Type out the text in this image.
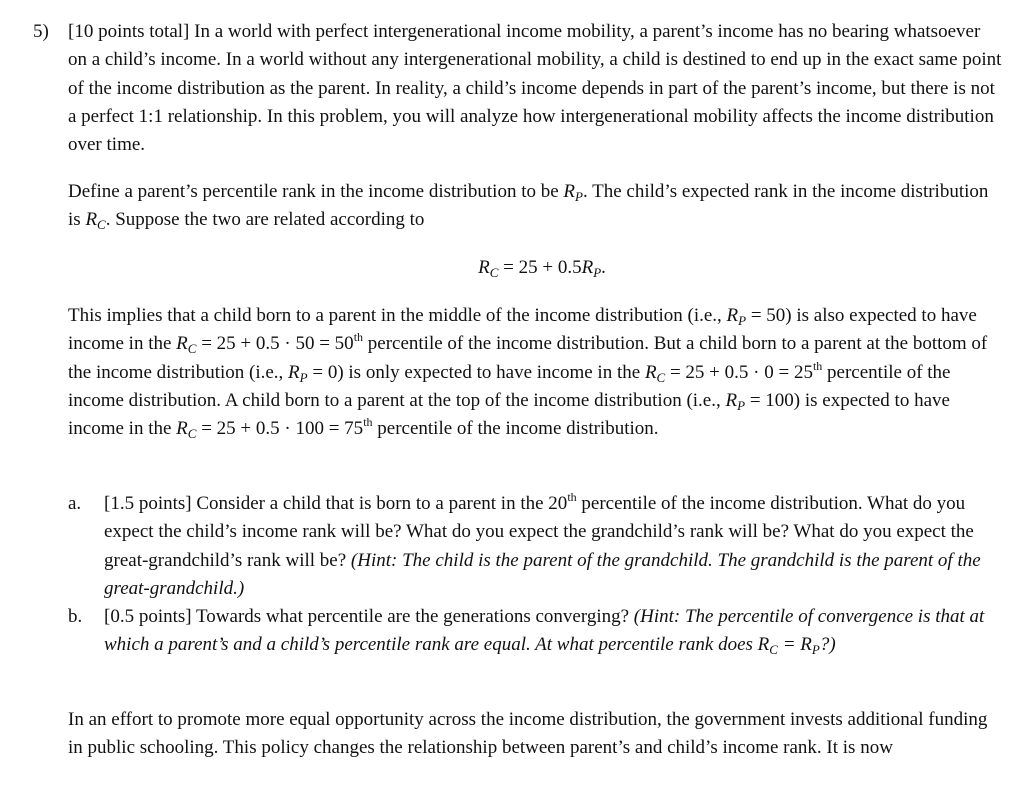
5) [10 points total] In a world with perfect intergenerational income mobility, a parent’s income has no bearing whatsoever on a child’s income. In a world without any intergenerational mobility, a child is destined to end up in the exact same point of the income distribution as the parent. In reality, a child’s income depends in part of the parent’s income, but there is not a perfect 1:1 relationship. In this problem, you will analyze how intergenerational mobility affects the income distribution over time.

Define a parent’s percentile rank in the income distribution to be $R_P$. The child’s expected rank in the income distribution is $R_C$. Suppose the two are related according to

$R_C = 25 + 0.5R_P$.

This implies that a child born to a parent in the middle of the income distribution (i.e., $R_P = 50$) is also expected to have income in the $R_C = 25 + 0.5 \cdot 50 = 50th$ percentile of the income distribution. But a child born to a parent at the bottom of the income distribution (i.e., $R_P = 0$) is only expected to have income in the $R_C = 25 + 0.5 \cdot 0 = 25th$ percentile of the income distribution. A child born to a parent at the top of the income distribution (i.e., $R_P = 100$) is expected to have income in the $R_C = 25 + 0.5 \cdot 100 = 75th$ percentile of the income distribution.

a. [1.5 points] Consider a child that is born to a parent in the 20th percentile of the income distribution. What do you expect the child’s income rank will be? What do you expect the grandchild’s rank will be? What do you expect the great-grandchild’s rank will be? (Hint: The child is the parent of the grandchild. The grandchild is the parent of the great-grandchild.)
b. [0.5 points] Towards what percentile are the generations converging? (Hint: The percentile of convergence is that at which a parent’s and a child’s percentile rank are equal. At what percentile rank does $R_C$ = $R_P$?)

In an effort to promote more equal opportunity across the income distribution, the government invests additional funding in public schooling. This policy changes the relationship between parent’s and child’s income rank. It is now
